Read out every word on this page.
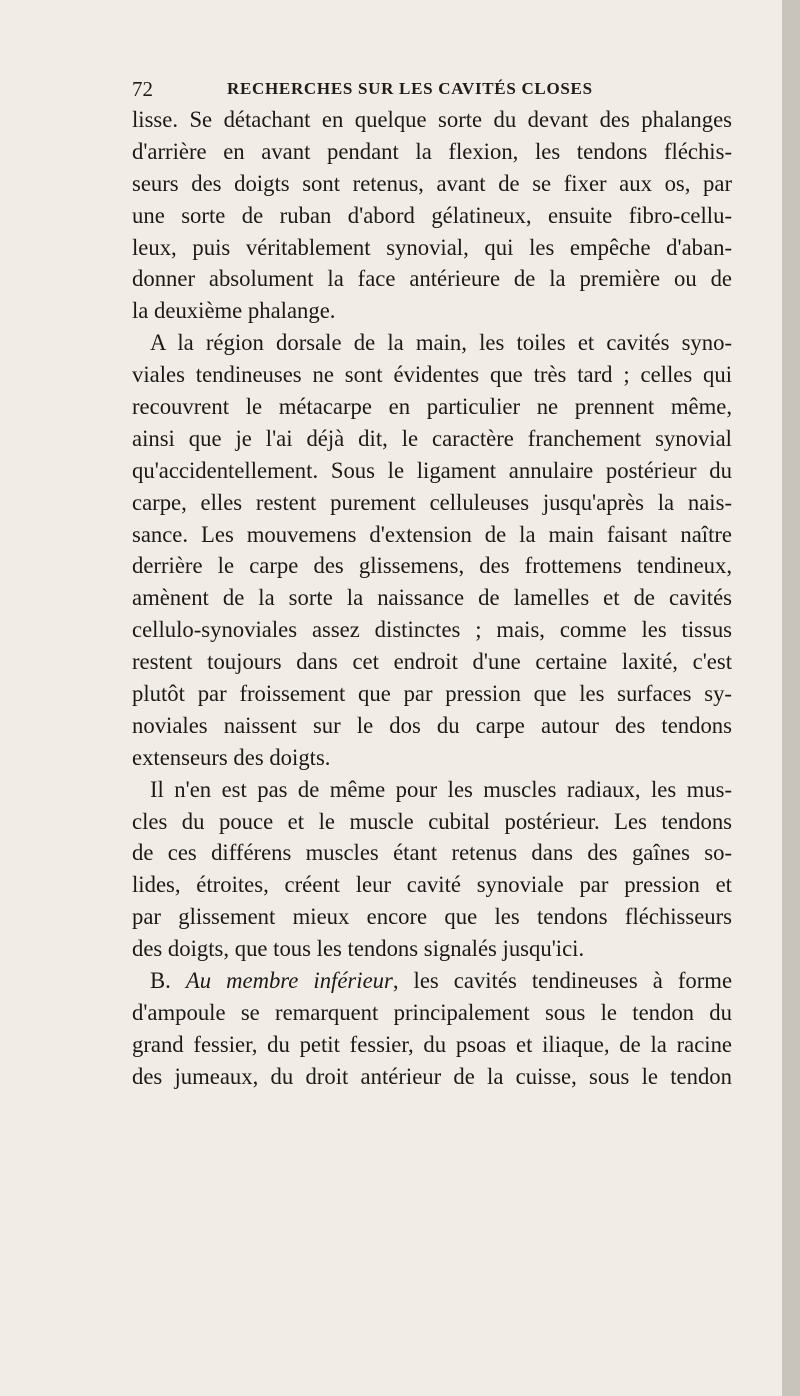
72	RECHERCHES SUR LES CAVITÉS CLOSES
lisse. Se détachant en quelque sorte du devant des phalanges
d'arrière en avant pendant la flexion, les tendons fléchis-
seurs des doigts sont retenus, avant de se fixer aux os, par
une sorte de ruban d'abord gélatineux, ensuite fibro-cellu-
leux, puis véritablement synovial, qui les empêche d'aban-
donner absolument la face antérieure de la première ou de
la deuxième phalange.
A la région dorsale de la main, les toiles et cavités syno-
viales tendineuses ne sont évidentes que très tard ; celles qui
recouvrent le métacarpe en particulier ne prennent même,
ainsi que je l'ai déjà dit, le caractère franchement synovial
qu'accidentellement. Sous le ligament annulaire postérieur du
carpe, elles restent purement celluleuses jusqu'après la nais-
sance. Les mouvemens d'extension de la main faisant naître
derrière le carpe des glissemens, des frottemens tendineux,
amènent de la sorte la naissance de lamelles et de cavités
cellulo-synoviales assez distinctes ; mais, comme les tissus
restent toujours dans cet endroit d'une certaine laxité, c'est
plutôt par froissement que par pression que les surfaces sy-
noviales naissent sur le dos du carpe autour des tendons
extenseurs des doigts.
Il n'en est pas de même pour les muscles radiaux, les mus-
cles du pouce et le muscle cubital postérieur. Les tendons
de ces différens muscles étant retenus dans des gaînes so-
lides, étroites, créent leur cavité synoviale par pression et
par glissement mieux encore que les tendons fléchisseurs
des doigts, que tous les tendons signalés jusqu'ici.
B. Au membre inférieur, les cavités tendineuses à forme
d'ampoule se remarquent principalement sous le tendon du
grand fessier, du petit fessier, du psoas et iliaque, de la racine
des jumeaux, du droit antérieur de la cuisse, sous le tendon
